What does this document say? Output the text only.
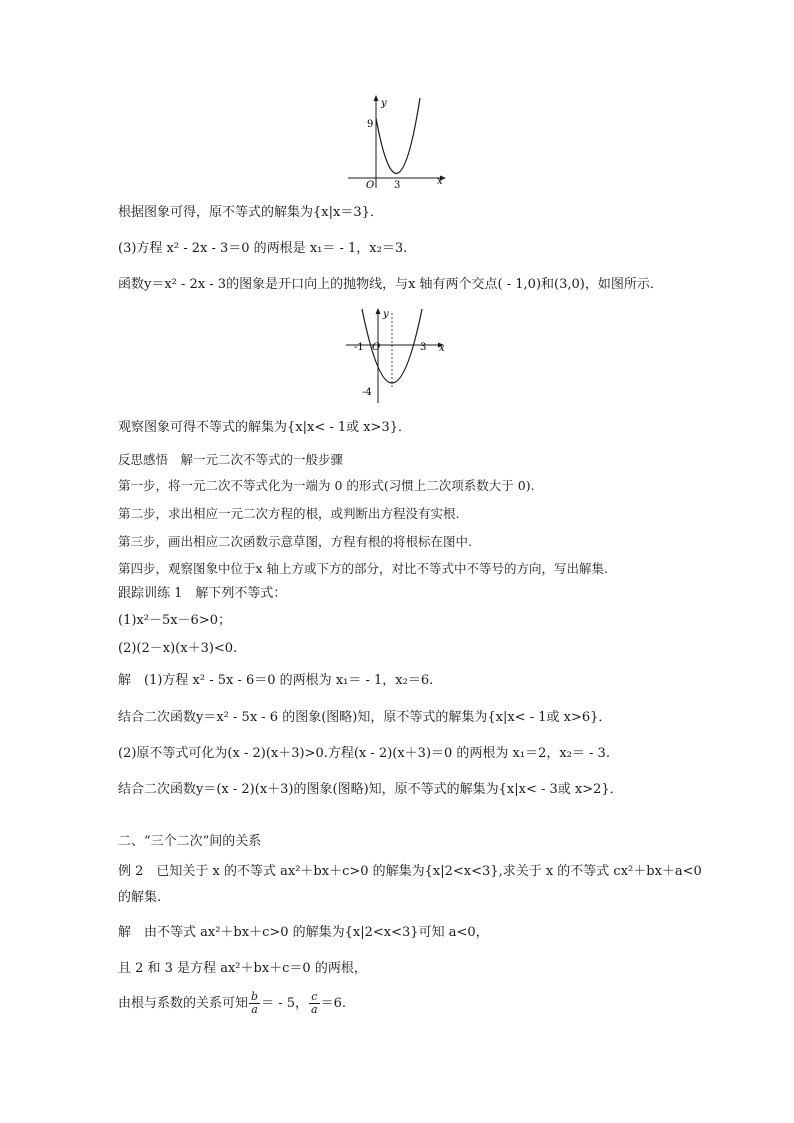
y
x
O
9
3
根据图象可得，原不等式的解集为{x|x＝3}．
(3)方程 x² - 2x - 3＝0 的两根是 x₁＝ - 1，x₂＝3.
函数y＝x² - 2x - 3的图象是开口向上的抛物线，与x 轴有两个交点( - 1,0)和(3,0)，如图所示．
y
x
O
-1	3
-4
观察图象可得不等式的解集为{x|x< - 1或 x>3}．
反思感悟　解一元二次不等式的一般步骤
第一步，将一元二次不等式化为一端为 0 的形式(习惯上二次项系数大于 0).
第二步，求出相应一元二次方程的根，或判断出方程没有实根.
第三步，画出相应二次函数示意草图，方程有根的将根标在图中.
第四步，观察图象中位于x 轴上方或下方的部分，对比不等式中不等号的方向，写出解集.
跟踪训练 1　解下列不等式：
(1)x²－5x－6>0；
(2)(2－x)(x＋3)<0.
解　(1)方程 x² - 5x - 6＝0 的两根为 x₁＝ - 1，x₂＝6.
结合二次函数y＝x² - 5x - 6 的图象(图略)知，原不等式的解集为{x|x< - 1或 x>6}．
(2)原不等式可化为(x - 2)(x＋3)>0.方程(x - 2)(x＋3)＝0 的两根为 x₁＝2，x₂＝ - 3.
结合二次函数y＝(x - 2)(x＋3)的图象(图略)知，原不等式的解集为{x|x< - 3或 x>2}．
二、“三个二次”间的关系
例 2　已知关于 x 的不等式 ax²＋bx＋c>0 的解集为{x|2<x<3},求关于 x 的不等式 cx²＋bx＋a<0
的解集.
解　由不等式 ax²＋bx＋c>0 的解集为{x|2<x<3}可知 a<0，
且 2 和 3 是方程 ax²＋bx＋c＝0 的两根，
由根与系数的关系可知
- $\frac{b}{a}$ ＝ - 5， $\frac{c}{a} =6$.
